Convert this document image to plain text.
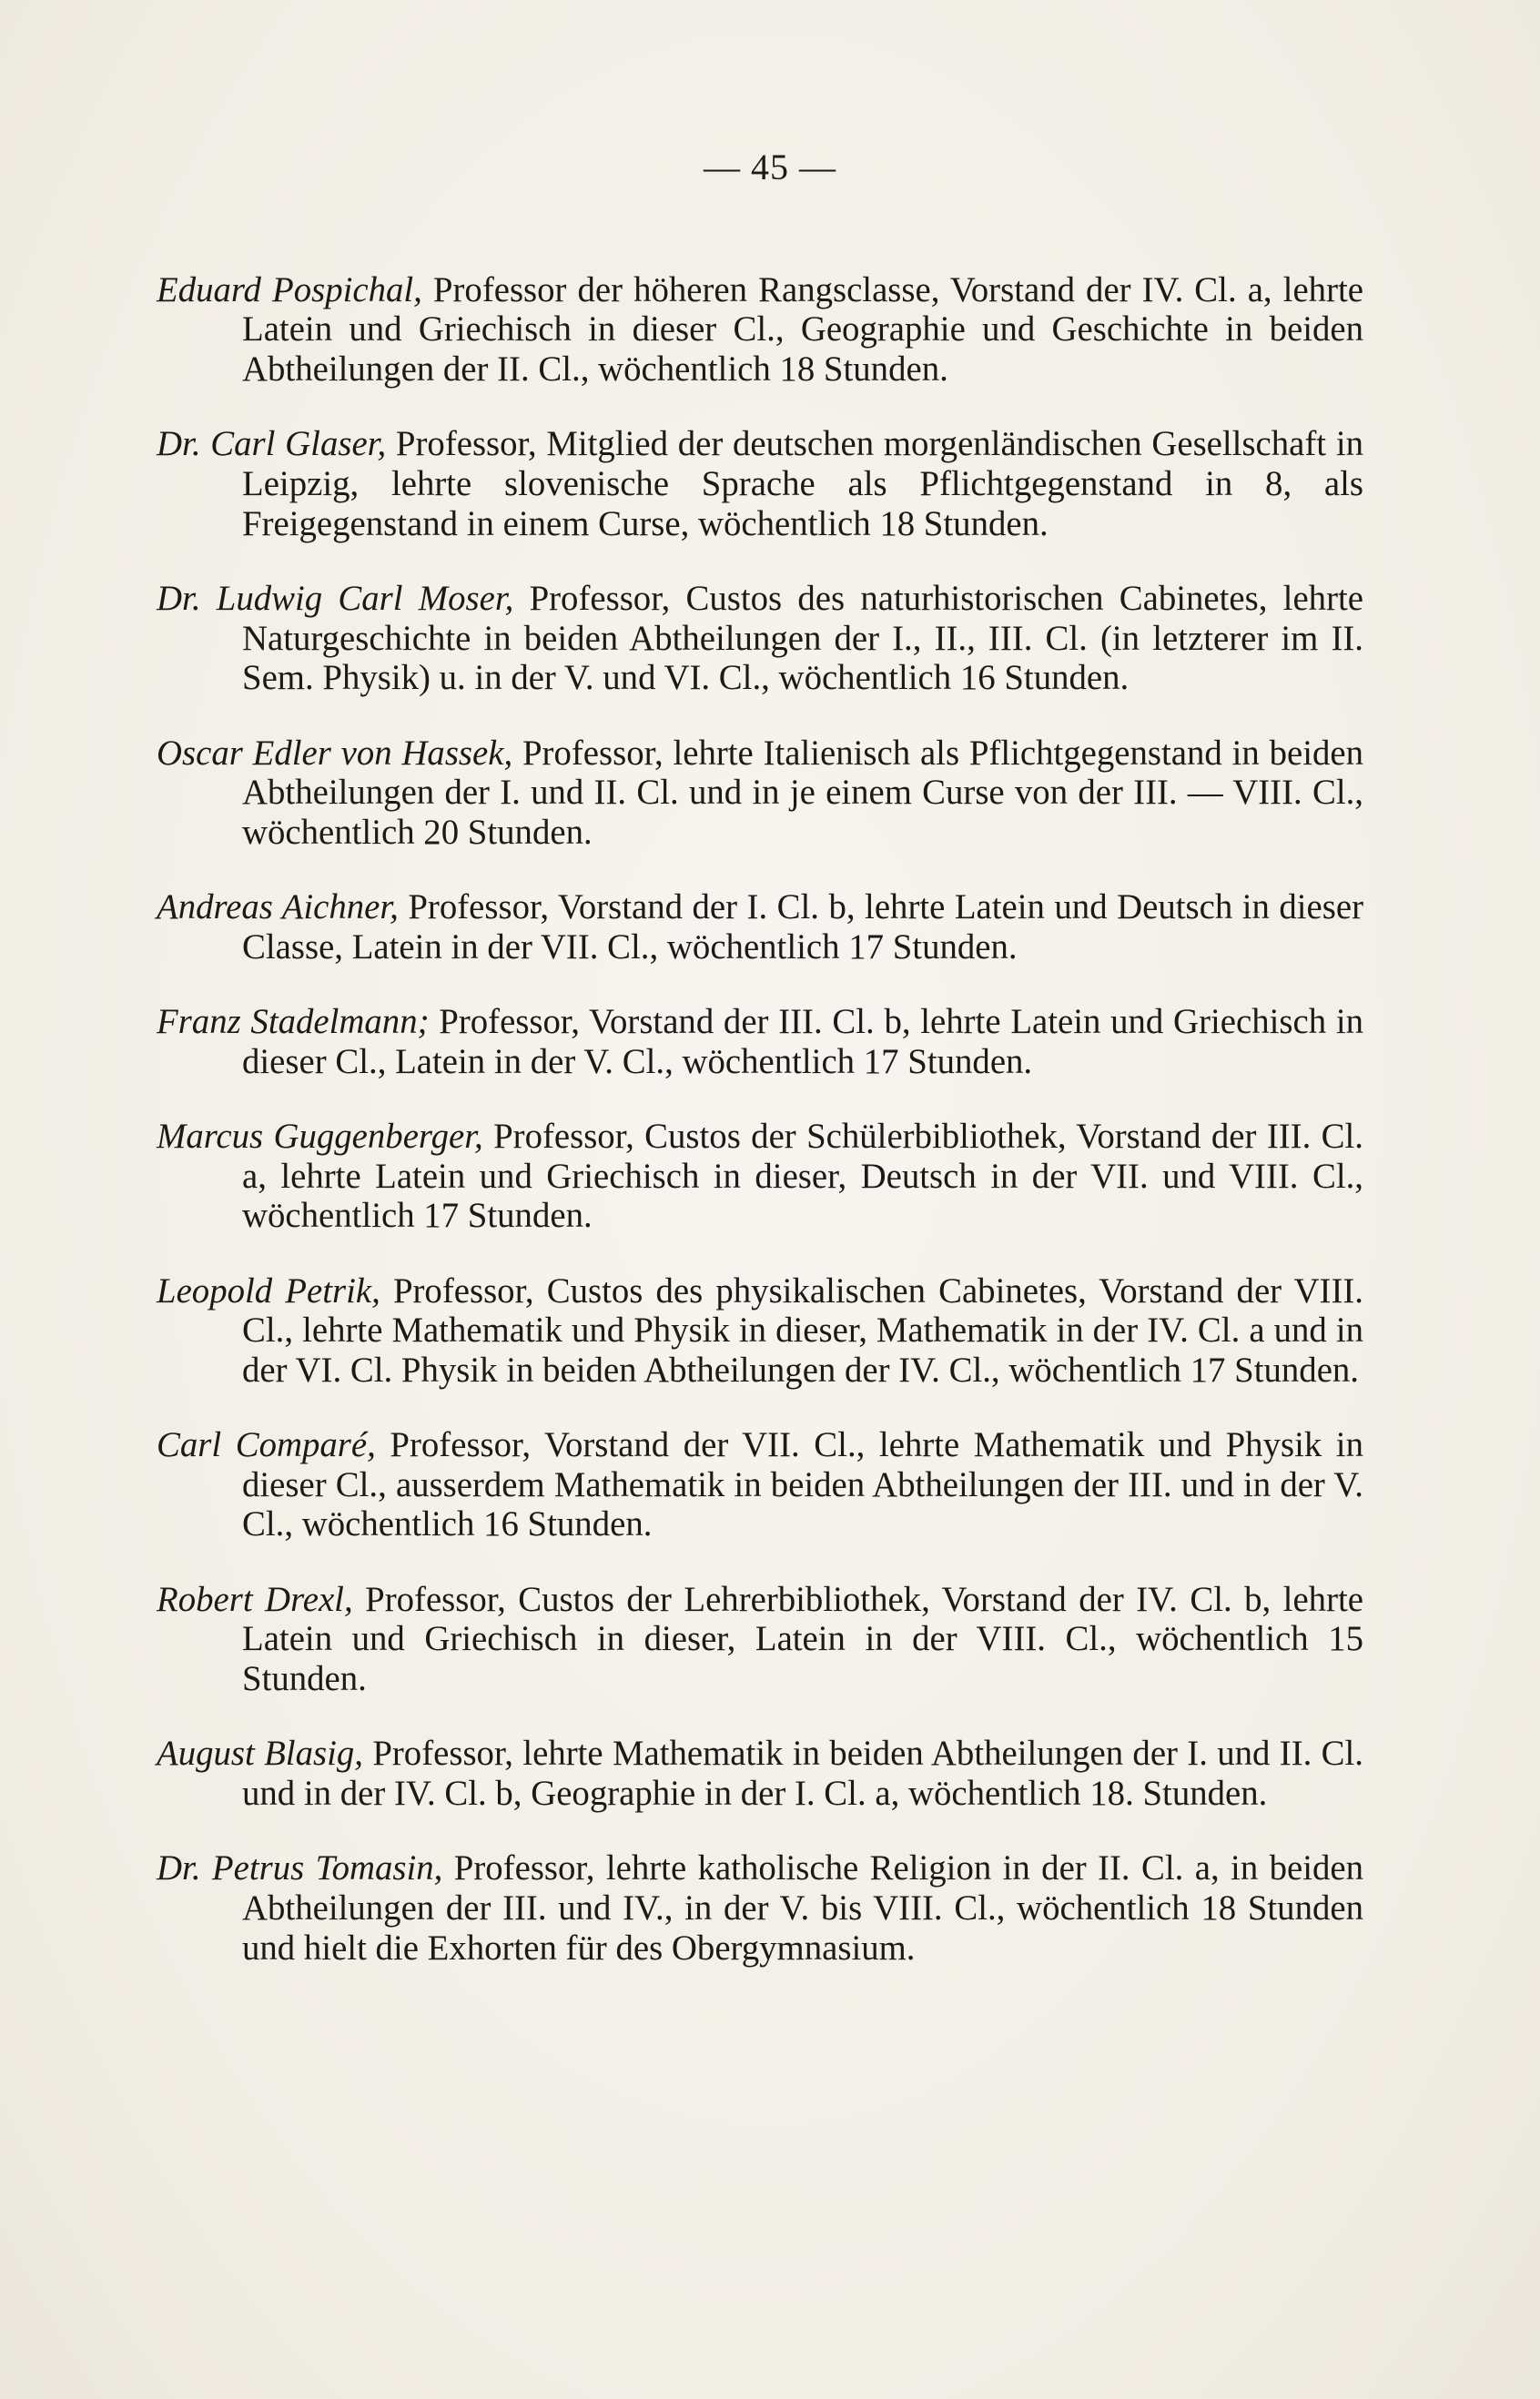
— 45 —

Eduard Pospichal, Professor der höheren Rangsclasse, Vorstand der IV. Cl. a, lehrte Latein und Griechisch in dieser Cl., Geographie und Geschichte in beiden Abtheilungen der II. Cl., wöchentlich 18 Stunden.

Dr. Carl Glaser, Professor, Mitglied der deutschen morgenländischen Gesellschaft in Leipzig, lehrte slovenische Sprache als Pflichtgegenstand in 8, als Freigegenstand in einem Curse, wöchentlich 18 Stunden.

Dr. Ludwig Carl Moser, Professor, Custos des naturhistorischen Cabinetes, lehrte Naturgeschichte in beiden Abtheilungen der I., II., III. Cl. (in letzterer im II. Sem. Physik) u. in der V. und VI. Cl., wöchentlich 16 Stunden.

Oscar Edler von Hassek, Professor, lehrte Italienisch als Pflichtgegenstand in beiden Abtheilungen der I. und II. Cl. und in je einem Curse von der III. — VIII. Cl., wöchentlich 20 Stunden.

Andreas Aichner, Professor, Vorstand der I. Cl. b, lehrte Latein und Deutsch in dieser Classe, Latein in der VII. Cl., wöchentlich 17 Stunden.

Franz Stadelmann; Professor, Vorstand der III. Cl. b, lehrte Latein und Griechisch in dieser Cl., Latein in der V. Cl., wöchentlich 17 Stunden.

Marcus Guggenberger, Professor, Custos der Schülerbibliothek, Vorstand der III. Cl. a, lehrte Latein und Griechisch in dieser, Deutsch in der VII. und VIII. Cl., wöchentlich 17 Stunden.

Leopold Petrik, Professor, Custos des physikalischen Cabinetes, Vorstand der VIII. Cl., lehrte Mathematik und Physik in dieser, Mathematik in der IV. Cl. a und in der VI. Cl. Physik in beiden Abtheilungen der IV. Cl., wöchentlich 17 Stunden.

Carl Comparé, Professor, Vorstand der VII. Cl., lehrte Mathematik und Physik in dieser Cl., ausserdem Mathematik in beiden Abtheilungen der III. und in der V. Cl., wöchentlich 16 Stunden.

Robert Drexl, Professor, Custos der Lehrerbibliothek, Vorstand der IV. Cl. b, lehrte Latein und Griechisch in dieser, Latein in der VIII. Cl., wöchentlich 15 Stunden.

August Blasig, Professor, lehrte Mathematik in beiden Abtheilungen der I. und II. Cl. und in der IV. Cl. b, Geographie in der I. Cl. a, wöchentlich 18. Stunden.

Dr. Petrus Tomasin, Professor, lehrte katholische Religion in der II. Cl. a, in beiden Abtheilungen der III. und IV., in der V. bis VIII. Cl., wöchentlich 18 Stunden und hielt die Exhorten für des Obergymnasium.
